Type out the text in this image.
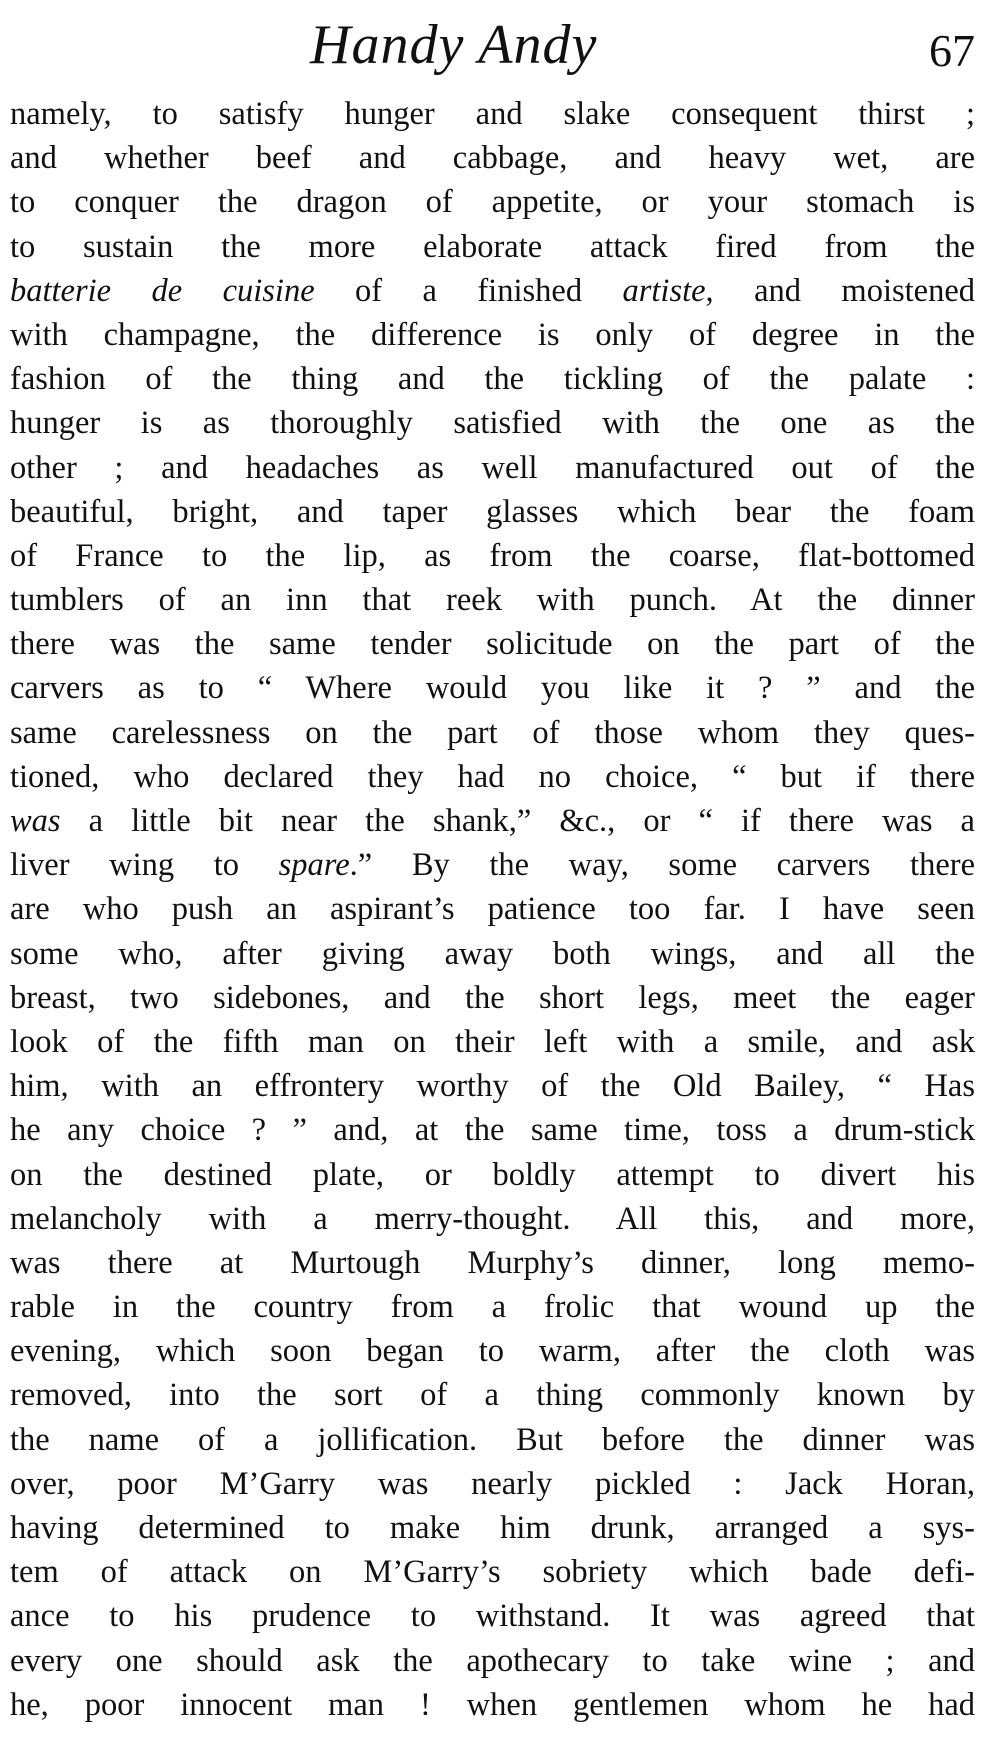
Handy Andy	67
namely, to satisfy hunger and slake consequent thirst ;
and whether beef and cabbage, and heavy wet, are
to conquer the dragon of appetite, or your stomach is
to sustain the more elaborate attack fired from the
batterie de cuisine of a finished artiste, and moistened
with champagne, the difference is only of degree in the
fashion of the thing and the tickling of the palate :
hunger is as thoroughly satisfied with the one as the
other ; and headaches as well manufactured out of the
beautiful, bright, and taper glasses which bear the foam
of France to the lip, as from the coarse, flat-bottomed
tumblers of an inn that reek with punch. At the dinner
there was the same tender solicitude on the part of the
carvers as to “ Where would you like it ? ” and the
same carelessness on the part of those whom they ques-
tioned, who declared they had no choice, “ but if there
was a little bit near the shank,” &c., or “ if there was a
liver wing to spare.” By the way, some carvers there
are who push an aspirant’s patience too far. I have seen
some who, after giving away both wings, and all the
breast, two sidebones, and the short legs, meet the eager
look of the fifth man on their left with a smile, and ask
him, with an effrontery worthy of the Old Bailey, “ Has
he any choice ? ” and, at the same time, toss a drum-stick
on the destined plate, or boldly attempt to divert his
melancholy with a merry-thought. All this, and more,
was there at Murtough Murphy’s dinner, long memo-
rable in the country from a frolic that wound up the
evening, which soon began to warm, after the cloth was
removed, into the sort of a thing commonly known by
the name of a jollification. But before the dinner was
over, poor M’Garry was nearly pickled : Jack Horan,
having determined to make him drunk, arranged a sys-
tem of attack on M’Garry’s sobriety which bade defi-
ance to his prudence to withstand. It was agreed that
every one should ask the apothecary to take wine ; and
he, poor innocent man ! when gentlemen whom he had
